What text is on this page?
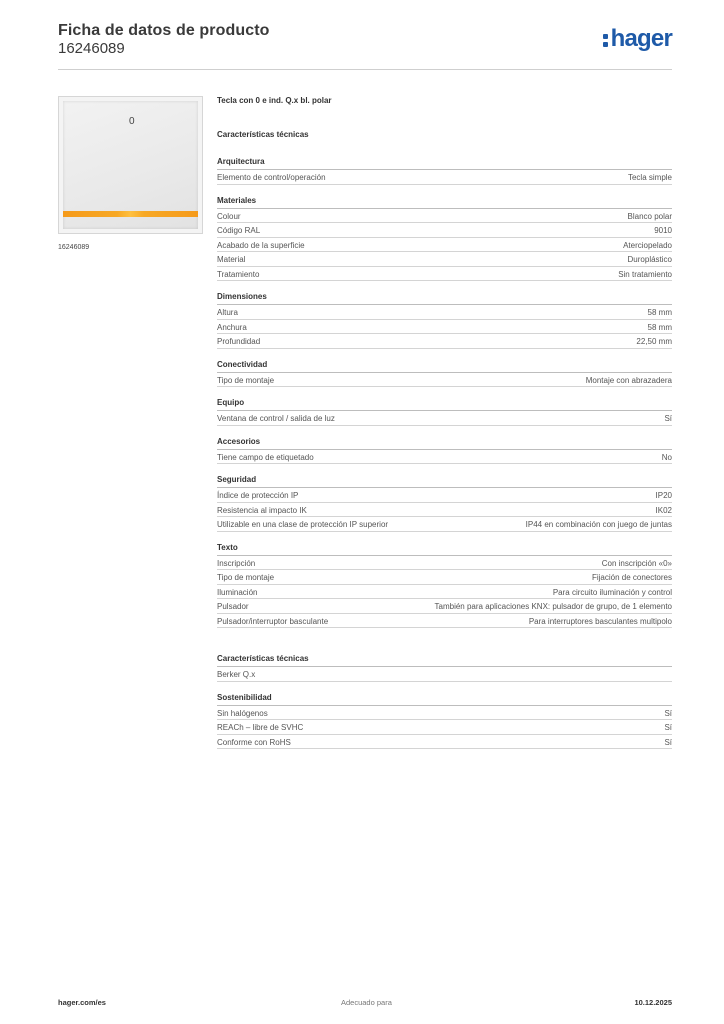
Ficha de datos de producto
16246089	hager
0
16246089
Tecla con 0 e ind. Q.x bl. polar
Características técnicas
Arquitectura
Elemento de control/operación	Tecla simple
Materiales
Colour	Blanco polar
Código RAL	9010
Acabado de la superficie	Aterciopelado
Material	Duroplástico
Tratamiento	Sin tratamiento
Dimensiones
Altura	58 mm
Anchura	58 mm
Profundidad	22,50 mm
Conectividad
Tipo de montaje	Montaje con abrazadera
Equipo
Ventana de control / salida de luz	Sí
Accesorios
Tiene campo de etiquetado	No
Seguridad
Índice de protección IP	IP20
Resistencia al impacto IK	IK02
Utilizable en una clase de protección IP superior	IP44 en combinación con juego de juntas
Texto
Inscripción	Con inscripción «0»
Tipo de montaje	Fijación de conectores
Iluminación	Para circuito iluminación y control
Pulsador	También para aplicaciones KNX: pulsador de grupo, de 1 elemento
Pulsador/interruptor basculante	Para interruptores basculantes multipolo
Características técnicas
Berker Q.x
Sostenibilidad
Sin halógenos	Sí
REACh – libre de SVHC	Sí
Conforme con RoHS	Sí
hager.com/es	Adecuado para	10.12.2025
